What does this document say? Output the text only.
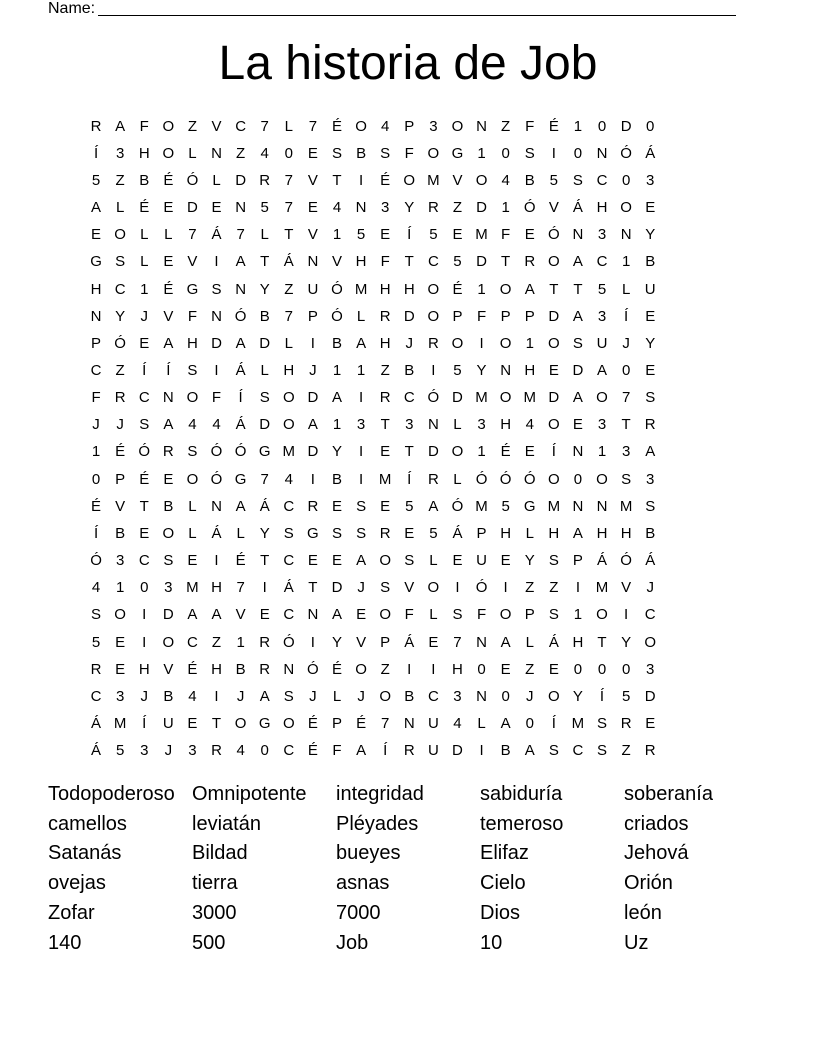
Name:
La historia de Job
R A F O Z V C 7	L	7 É O 4 P 3 O N Z F É 1	0 D 0
Í	3 H O L N Z	4	0 E S B S F O G 1	0 S	I	0 N Ó Á
5	Z B É Ó L D R 7 V T	I	É O M V O 4 B 5 S C 0	3
A L É E D E N 5	7 E 4 N 3 Y R Z D 1 Ó V Á H O E
E O L	L	7 Á 7	L	T V 1	5 E	Í	5 E M F E Ó N 3 N Y
G S L E V	I	A T Á N V H F T C 5 D T R O A C 1 B
H C 1 É G S N Y Z U Ó M H H O É 1 O A T T	5	L U
N Y	J	V F N Ó B 7 P Ó L R D O P F P P D A 3	Í	E
P Ó E A H D A D L	I	B A H J R O	I	O 1 O S U J	Y
C Z	Í	Í	S	I	Á L H J	1	1	Z B	I	5 Y N H E D A 0 E
F R C N O F	Í	S O D A	I	R C Ó D M O M D A O 7 S
J	J	S A 4	4 Á D O A 1	3	T	3 N L	3 H 4 O E 3	T R
1 É Ó R S Ó Ó G M D Y	I	E T D O 1 É E	Í	N 1	3 A
0 P É E O Ó G 7	4	I	B	I	M	Í	R L Ó Ó Ó O 0 O S 3
É V T B L N A Á C R E S E 5 A Ó M 5 G M N N M S
Í	B E O L Á L Y S G S S R E 5 Á P H L H A H H B
Ó 3 C S E	I	É T C E E A O S L E U E Y S P Á Ó Á
4	1	0	3 M H 7	I	Á T D J	S V O	I	Ó	I	Z Z	I	M V	J
S O	I	D A A V E C N A E O F	L S F O P S 1 O	I	C
5 E	I	O C Z	1 R Ó	I	Y V P Á E 7 N A L Á H T Y O
R E H V É H B R N Ó É O Z	I	I	H 0 E Z E 0	0	0	3
C 3	J	B 4	I	J	A S	J	L	J O B C 3 N 0	J O Y	Í	5 D
Á M	Í	U E T O G O É P É 7 N U 4	L A 0	Í	M S R E
Á 5	3	J	3 R 4	0 C É F A	Í	R U D	I	B A S C S Z R
Todopoderoso Omnipotente	integridad	sabiduría	soberanía
camellos	leviatán	Pléyades	temeroso	criados
Satanás	Bildad	bueyes	Elifaz	Jehová
ovejas	tierra	asnas	Cielo	Orión
Zofar	3000	7000	Dios	león
140	500	Job	10	Uz
